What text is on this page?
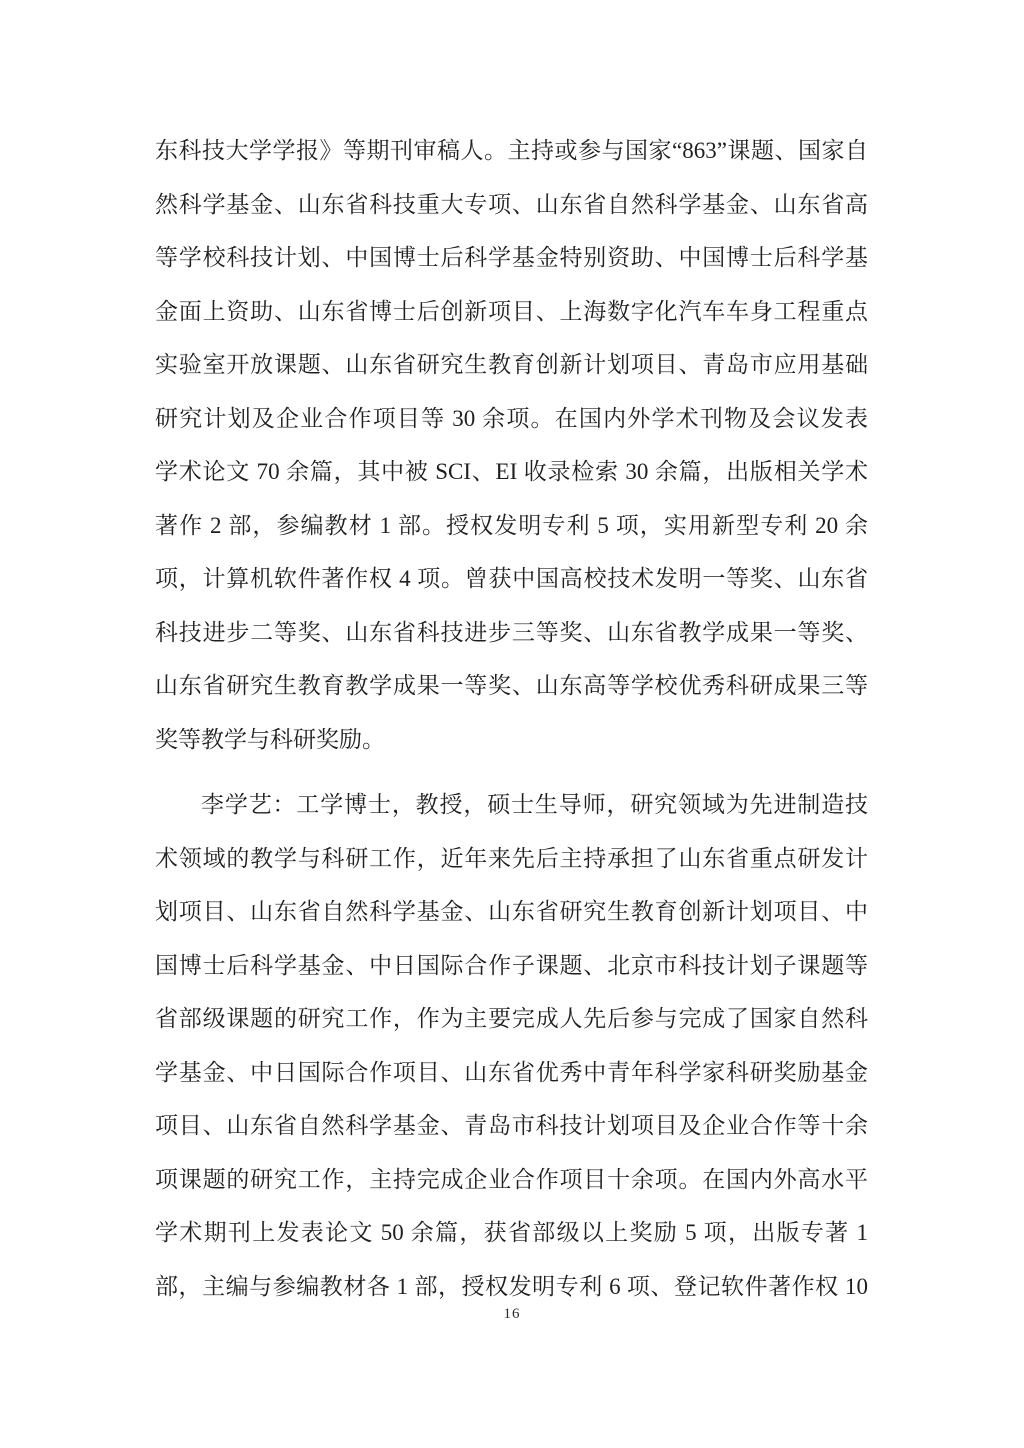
东科技大学学报》等期刊审稿人。主持或参与国家“863”课题、国家自
然科学基金、山东省科技重大专项、山东省自然科学基金、山东省高
等学校科技计划、中国博士后科学基金特别资助、中国博士后科学基
金面上资助、山东省博士后创新项目、上海数字化汽车车身工程重点
实验室开放课题、山东省研究生教育创新计划项目、青岛市应用基础
研究计划及企业合作项目等 30 余项。在国内外学术刊物及会议发表
学术论文 70 余篇，其中被 SCI、EI 收录检索 30 余篇，出版相关学术
著作 2 部，参编教材 1 部。授权发明专利 5 项，实用新型专利 20 余
项，计算机软件著作权 4 项。曾获中国高校技术发明一等奖、山东省
科技进步二等奖、山东省科技进步三等奖、山东省教学成果一等奖、
山东省研究生教育教学成果一等奖、山东高等学校优秀科研成果三等
奖等教学与科研奖励。
李学艺：工学博士，教授，硕士生导师，研究领域为先进制造技
术领域的教学与科研工作，近年来先后主持承担了山东省重点研发计
划项目、山东省自然科学基金、山东省研究生教育创新计划项目、中
国博士后科学基金、中日国际合作子课题、北京市科技计划子课题等
省部级课题的研究工作，作为主要完成人先后参与完成了国家自然科
学基金、中日国际合作项目、山东省优秀中青年科学家科研奖励基金
项目、山东省自然科学基金、青岛市科技计划项目及企业合作等十余
项课题的研究工作，主持完成企业合作项目十余项。在国内外高水平
学术期刊上发表论文 50 余篇，获省部级以上奖励 5 项，出版专著 1
部，主编与参编教材各 1 部，授权发明专利 6 项、登记软件著作权 10
16
